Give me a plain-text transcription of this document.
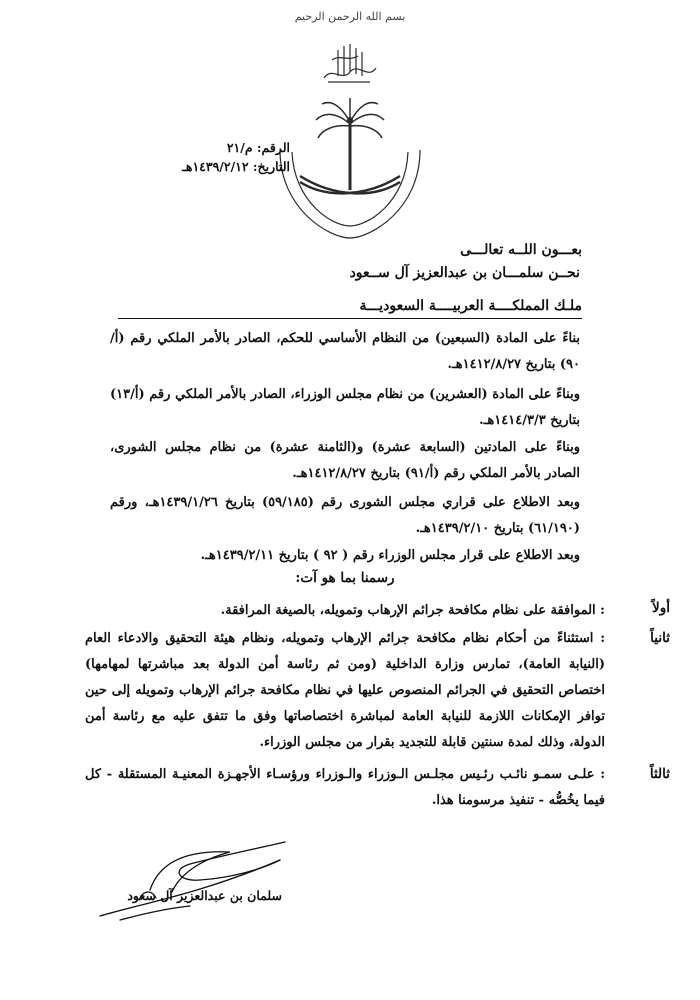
بسم الله الرحمن الرحيم
الرقم: م/٢١
التاريخ: ١٤٣٩/٢/١٢هـ
بعـــون اللــه تعالـــى
نحــن سلمـــان بن عبدالعزيز آل ســعود
ملـك المملكــــة العربيــــة السعوديـــة
بناءً على المادة (السبعين) من النظام الأساسي للحكم، الصادر بالأمر الملكي رقم (أ/٩٠) بتاريخ ١٤١٢/٨/٢٧هـ.
وبناءً على المادة (العشرين) من نظام مجلس الوزراء، الصادر بالأمر الملكي رقم (أ/١٣) بتاريخ ١٤١٤/٣/٣هـ.
وبناءً على المادتين (السابعة عشرة) و(الثامنة عشرة) من نظام مجلس الشورى، الصادر بالأمر الملكي رقم (أ/٩١) بتاريخ ١٤١٢/٨/٢٧هـ.
وبعد الاطلاع على قراري مجلس الشورى رقم (٥٩/١٨٥) بتاريخ ١٤٣٩/١/٢٦هـ، ورقم (٦١/١٩٠) بتاريخ ١٤٣٩/٢/١٠هـ.
وبعد الاطلاع على قرار مجلس الوزراء رقم ( ٩٢ ) بتاريخ ١٤٣٩/٢/١١هـ.
رسمنا بما هو آت:
أولاً
: الموافقة على نظام مكافحة جرائم الإرهاب وتمويله، بالصيغة المرافقة.
ثانياً
: استثناءً من أحكام نظام مكافحة جرائم الإرهاب وتمويله، ونظام هيئة التحقيق والادعاء العام (النيابة العامة)، تمارس وزارة الداخلية (ومن ثم رئاسة أمن الدولة بعد مباشرتها لمهامها) اختصاص التحقيق في الجرائم المنصوص عليها في نظام مكافحة جرائم الإرهاب وتمويله إلى حين توافر الإمكانات اللازمة للنيابة العامة لمباشرة اختصاصاتها وفق ما تتفق عليه مع رئاسة أمن الدولة، وذلك لمدة سنتين قابلة للتجديد بقرار من مجلس الوزراء.
ثالثاً
: علـى سمـو نائـب رئـيس مجلـس الـوزراء والـوزراء ورؤسـاء الأجهـزة المعنيـة المستقلة - كل فيما يخُصُّه - تنفيذ مرسومنا هذا.
سلمان بن عبدالعزيز آل سعود
